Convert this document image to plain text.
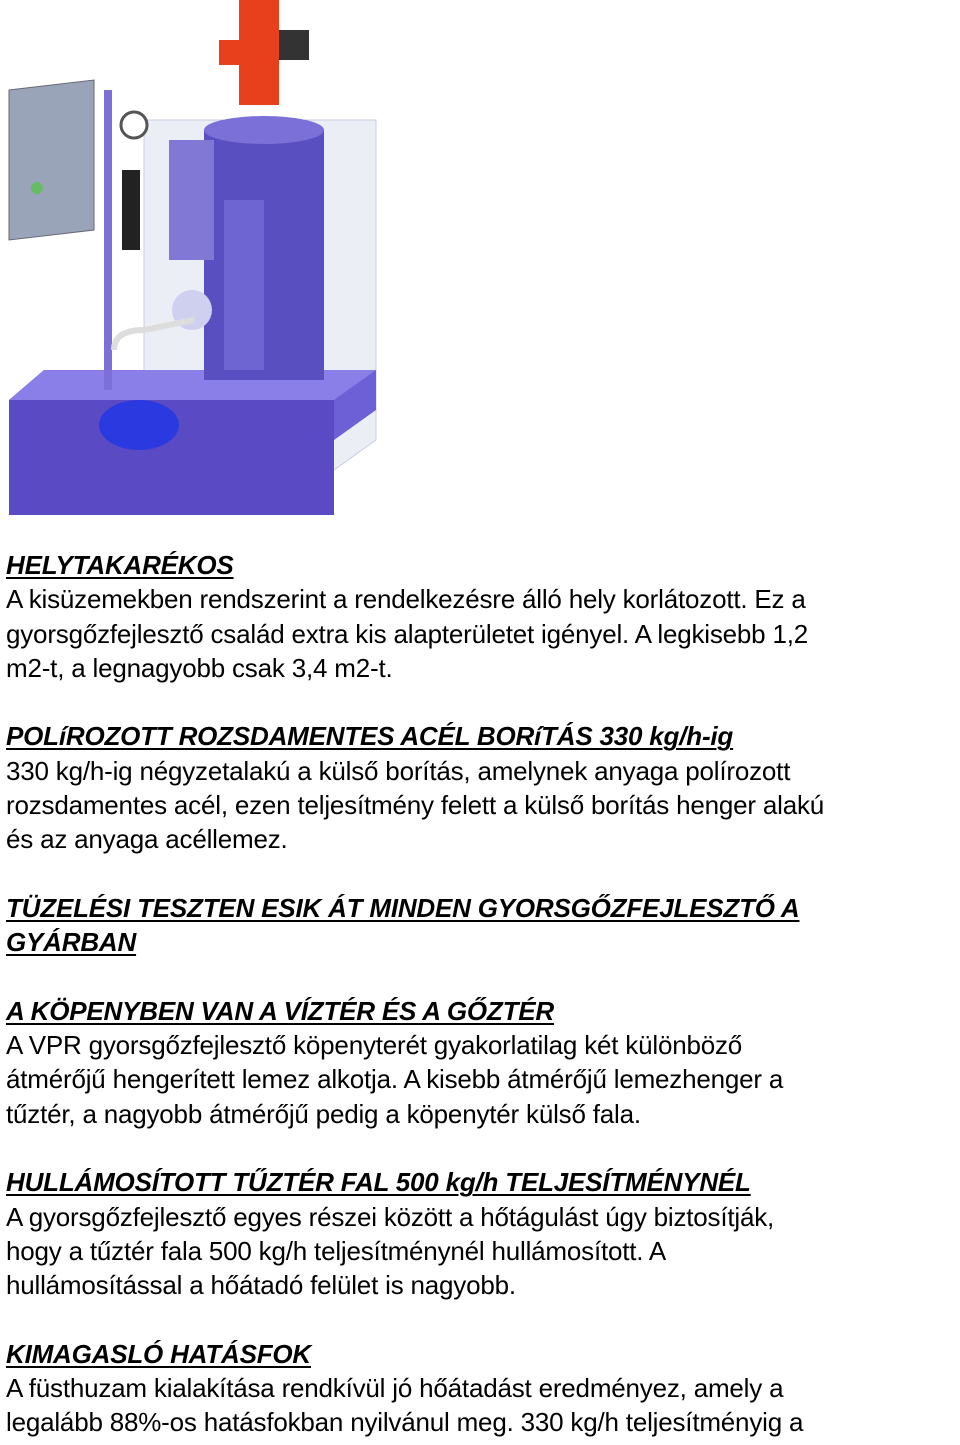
HELYTAKARÉKOS
A kisüzemekben rendszerint a rendelkezésre álló hely korlátozott. Ez a
gyorsgőzfejlesztő család extra kis alapterületet igényel. A legkisebb 1,2
m2-t, a legnagyobb csak 3,4 m2-t.
POLíROZOTT ROZSDAMENTES ACÉL BORíTÁS 330 kg/h-ig
330 kg/h-ig négyzetalakú a külső borítás, amelynek anyaga polírozott
rozsdamentes acél, ezen teljesítmény felett a külső borítás henger alakú
és az anyaga acéllemez.
TÜZELÉSI TESZTEN ESIK ÁT MINDEN GYORSGŐZFEJLESZTŐ A
GYÁRBAN
A KÖPENYBEN VAN A VÍZTÉR ÉS A GŐZTÉR
A VPR gyorsgőzfejlesztő köpenyterét gyakorlatilag két különböző
átmérőjű hengerített lemez alkotja. A kisebb átmérőjű lemezhenger a
tűztér, a nagyobb átmérőjű pedig a köpenytér külső fala.
HULLÁMOSÍTOTT TŰZTÉR FAL 500 kg/h TELJESÍTMÉNYNÉL
A gyorsgőzfejlesztő egyes részei között a hőtágulást úgy biztosítják,
hogy a tűztér fala 500 kg/h teljesítménynél hullámosított. A
hullámosítással a hőátadó felület is nagyobb.
KIMAGASLÓ HATÁSFOK
A füsthuzam kialakítása rendkívül jó hőátadást eredményez, amely a
legalább 88%-os hatásfokban nyilvánul meg. 330 kg/h teljesítményig a
